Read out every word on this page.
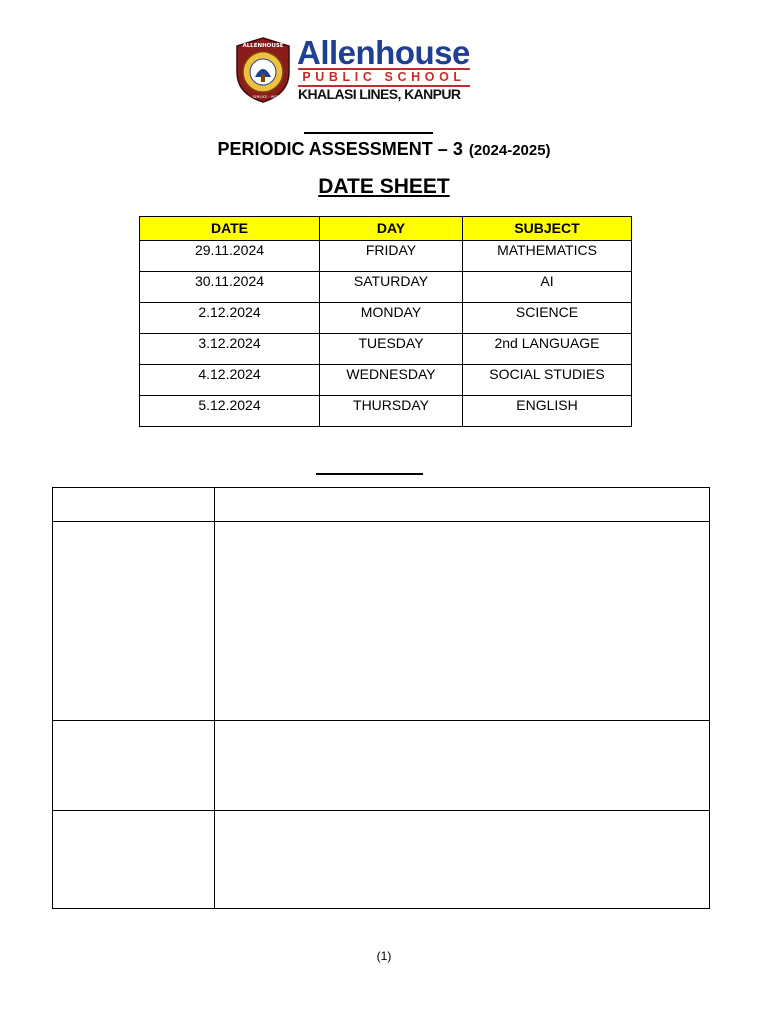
ALLENHOUSE
ORDER · SERVICE · INTEGRITY
Allenhouse
PUBLIC SCHOOL
KHALASI LINES, KANPUR
PERIODIC ASSESSMENT – 3 (2024-2025)
DATE SHEET
DATE	DAY	SUBJECT
29.11.2024	FRIDAY	MATHEMATICS
30.11.2024	SATURDAY	AI
2.12.2024	MONDAY	SCIENCE
3.12.2024	TUESDAY	2nd LANGUAGE
4.12.2024	WEDNESDAY	SOCIAL STUDIES
5.12.2024	THURSDAY	ENGLISH

(1)
